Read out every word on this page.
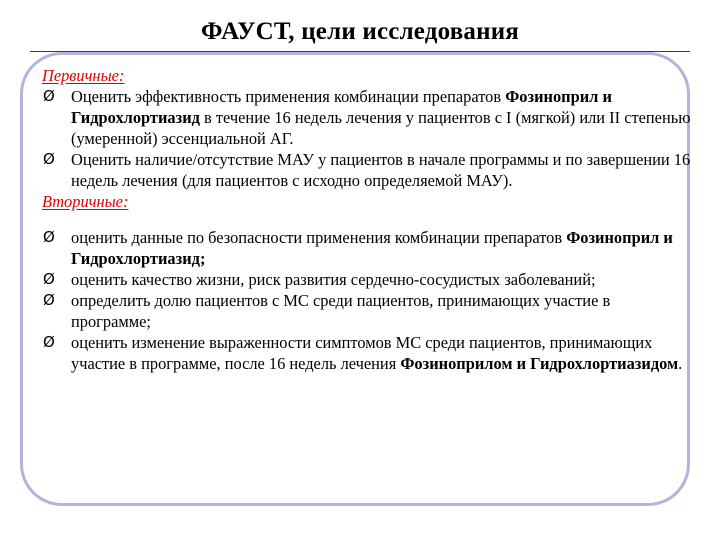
ФАУСТ, цели исследования

Первичные:

Ø Оценить эффективность применения комбинации препаратов Фозиноприл и Гидрохлортиазид в течение 16 недель лечения у пациентов с I (мягкой) или II степенью (умеренной) эссенциальной АГ.

Ø Оценить наличие/отсутствие МАУ у пациентов в начале программы и по завершении 16 недель лечения (для пациентов с исходно определяемой МАУ).

Вторичные:

Ø оценить данные по безопасности применения комбинации препаратов Фозиноприл и Гидрохлортиазид;

Ø оценить качество жизни, риск развития сердечно-сосудистых заболеваний;

Ø определить долю пациентов с МС среди пациентов, принимающих участие в программе;

Ø оценить изменение выраженности симптомов МС среди пациентов, принимающих участие в программе, после 16 недель лечения Фозиноприлом и Гидрохлортиазидом.
